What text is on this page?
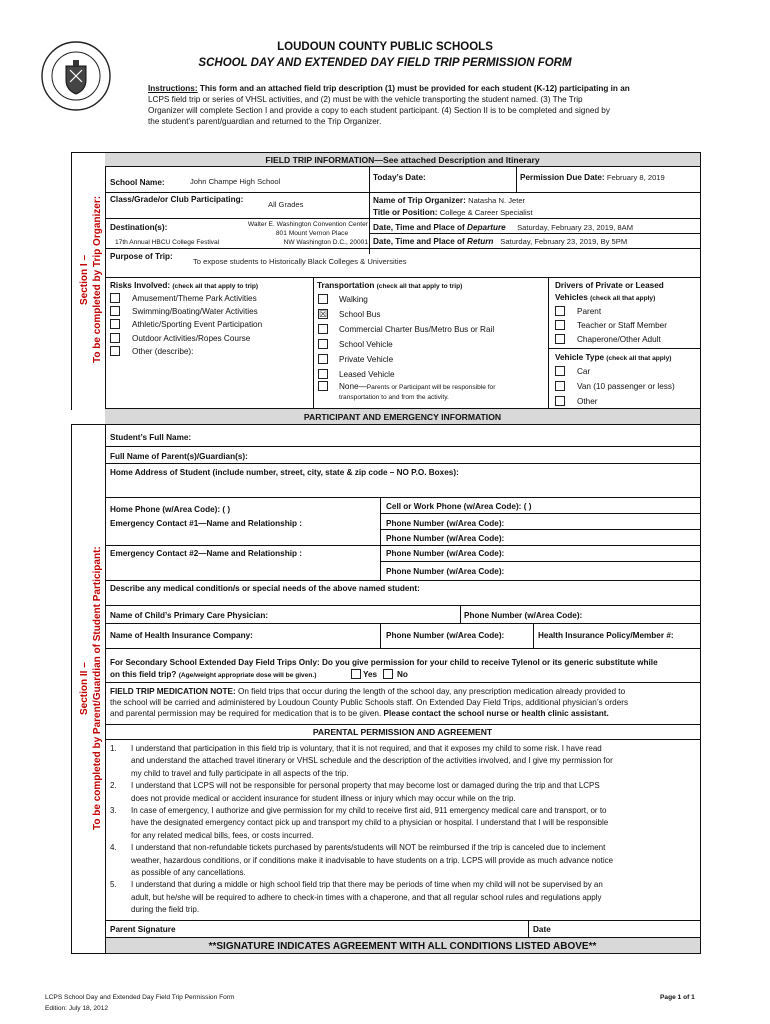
LOUDOUN COUNTY PUBLIC SCHOOLS
SCHOOL DAY AND EXTENDED DAY FIELD TRIP PERMISSION FORM
Instructions: This form and an attached field trip description (1) must be provided for each student (K-12) participating in an
LCPS field trip or series of VHSL activities, and (2) must be with the vehicle transporting the student named. (3) The Trip
Organizer will complete Section I and provide a copy to each student participant. (4) Section II is to be completed and signed by
the student’s parent/guardian and returned to the Trip Organizer.
Section I – To be completed by Trip Organizer:
FIELD TRIP INFORMATION—See attached Description and Itinerary
School Name:	John Champe High School	Today’s Date:	Permission Due Date: February 8, 2019
Class/Grade/or Club Participating:
All Grades	Name of Trip Organizer: Natasha N. Jeter
Title or Position: College & Career Specialist
Destination(s):	Walter E. Washington Convention Center
801 Mount Vernon Place
NW Washington D.C., 20001
17th Annual HBCU College Festival
Date, Time and Place of Departure Saturday, February 23, 2019, 8AM
Date, Time and Place of Return Saturday, February 23, 2019, By 5PM
Purpose of Trip:
To expose students to Historically Black Colleges & Universities
Risks Involved: (check all that apply to trip)	Transportation (check all that apply to trip)
None—Parents or Participant will be responsible for
transportation to and from the activity.
Drivers of Private or Leased
Vehicles (check all that apply)
Vehicle Type (check all that apply)
PARTICIPANT AND EMERGENCY INFORMATION
Section II – To be completed by Parent/Guardian of Student Participant:
Student’s Full Name:
Full Name of Parent(s)/Guardian(s):
Home Address of Student (include number, street, city, state & zip code – NO P.O. Boxes):
Home Phone (w/Area Code): ( )	Cell or Work Phone (w/Area Code): ( )
Emergency Contact #1—Name and Relationship :	Phone Number (w/Area Code):
Phone Number (w/Area Code):
Emergency Contact #2—Name and Relationship :	Phone Number (w/Area Code):
Phone Number (w/Area Code):
Describe any medical condition/s or special needs of the above named student:
Name of Child’s Primary Care Physician:	Phone Number (w/Area Code):
Name of Health Insurance Company:	Phone Number (w/Area Code):	Health Insurance Policy/Member #:
For Secondary School Extended Day Field Trips Only: Do you give permission for your child to receive Tylenol or its generic substitute while
on this field trip? (Age/weight appropriate dose will be given.)	Yes No
FIELD TRIP MEDICATION NOTE: On field trips that occur during the length of the school day, any prescription medication already provided to
the school will be carried and administered by Loudoun County Public Schools staff. On Extended Day Field Trips, additional physician’s orders
and parental permission may be required for medication that is to be given. Please contact the school nurse or health clinic assistant.
PARENTAL PERMISSION AND AGREEMENT
Parent Signature	Date
**SIGNATURE INDICATES AGREEMENT WITH ALL CONDITIONS LISTED ABOVE**
LCPS School Day and Extended Day Field Trip Permission Form
Edition: July 18, 2012
Page 1 of 1
Amusement/Theme Park Activities
Swimming/Boating/Water Activities
Athletic/Sporting Event Participation
Outdoor Activities/Ropes Course
Other (describe):
Walking
☒ School Bus
Commercial Charter Bus/Metro Bus or Rail
School Vehicle
Private Vehicle
Leased Vehicle
Parent
Teacher or Staff Member
Chaperone/Other Adult
Car
Van (10 passenger or less)
Other
1. I understand that participation in this field trip is voluntary, that it is not required, and that it exposes my child to some risk. I have read
and understand the attached travel itinerary or VHSL schedule and the description of the activities involved, and I give my permission for
my child to travel and fully participate in all aspects of the trip.
2. I understand that LCPS will not be responsible for personal property that may become lost or damaged during the trip and that LCPS
does not provide medical or accident insurance for student illness or injury which may occur while on the trip.
3. In case of emergency, I authorize and give permission for my child to receive first aid, 911 emergency medical care and transport, or to
have the designated emergency contact pick up and transport my child to a physician or hospital. I understand that I will be responsible
for any related medical bills, fees, or costs incurred.
4. I understand that non-refundable tickets purchased by parents/students will NOT be reimbursed if the trip is canceled due to inclement
weather, hazardous conditions, or if conditions make it inadvisable to have students on a trip. LCPS will provide as much advance notice
as possible of any cancellations.
5. I understand that during a middle or high school field trip that there may be periods of time when my child will not be supervised by an
adult, but he/she will be required to adhere to check-in times with a chaperone, and that all regular school rules and regulations apply
during the field trip.
